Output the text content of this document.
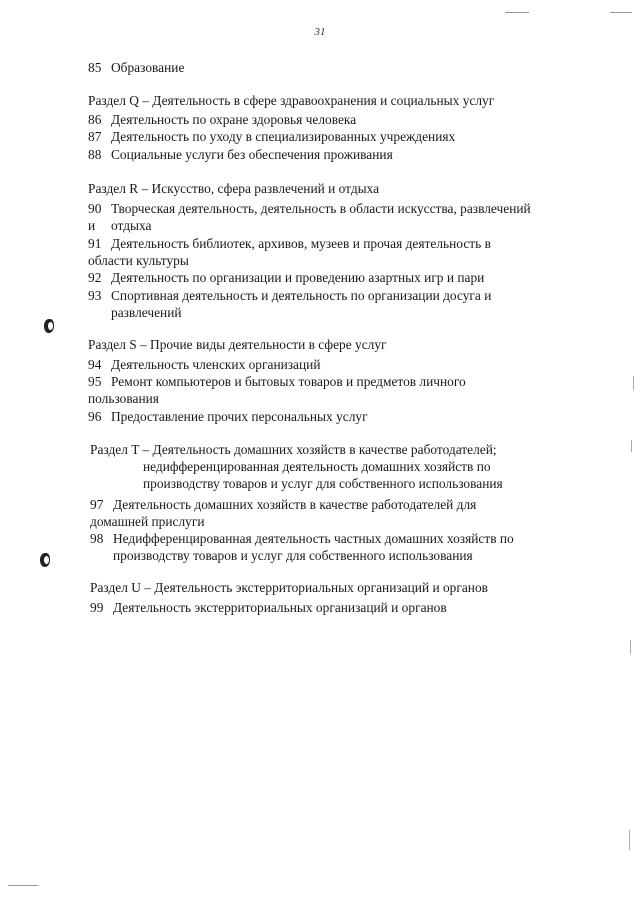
31
85 Образование
Раздел Q – Деятельность в сфере здравоохранения и социальных услуг
86 Деятельность по охране здоровья человека
87 Деятельность по уходу в специализированных учреждениях
88 Социальные услуги без обеспечения проживания
Раздел R – Искусство, сфера развлечений и отдыха
90 Творческая деятельность, деятельность в области искусства, развлечений
и отдыха
91 Деятельность библиотек, архивов, музеев и прочая деятельность в
области культуры
92 Деятельность по организации и проведению азартных игр и пари
93 Спортивная деятельность и деятельность по организации досуга и
развлечений
Раздел S – Прочие виды деятельности в сфере услуг
94 Деятельность членских организаций
95 Ремонт компьютеров и бытовых товаров и предметов личного
пользования
96 Предоставление прочих персональных услуг
Раздел T – Деятельность домашних хозяйств в качестве работодателей;
недифференцированная деятельность домашних хозяйств по
производству товаров и услуг для собственного использования
97 Деятельность домашних хозяйств в качестве работодателей для
домашней прислуги
98 Недифференцированная деятельность частных домашних хозяйств по
производству товаров и услуг для собственного использования
Раздел U – Деятельность экстерриториальных организаций и органов
99 Деятельность экстерриториальных организаций и органов
